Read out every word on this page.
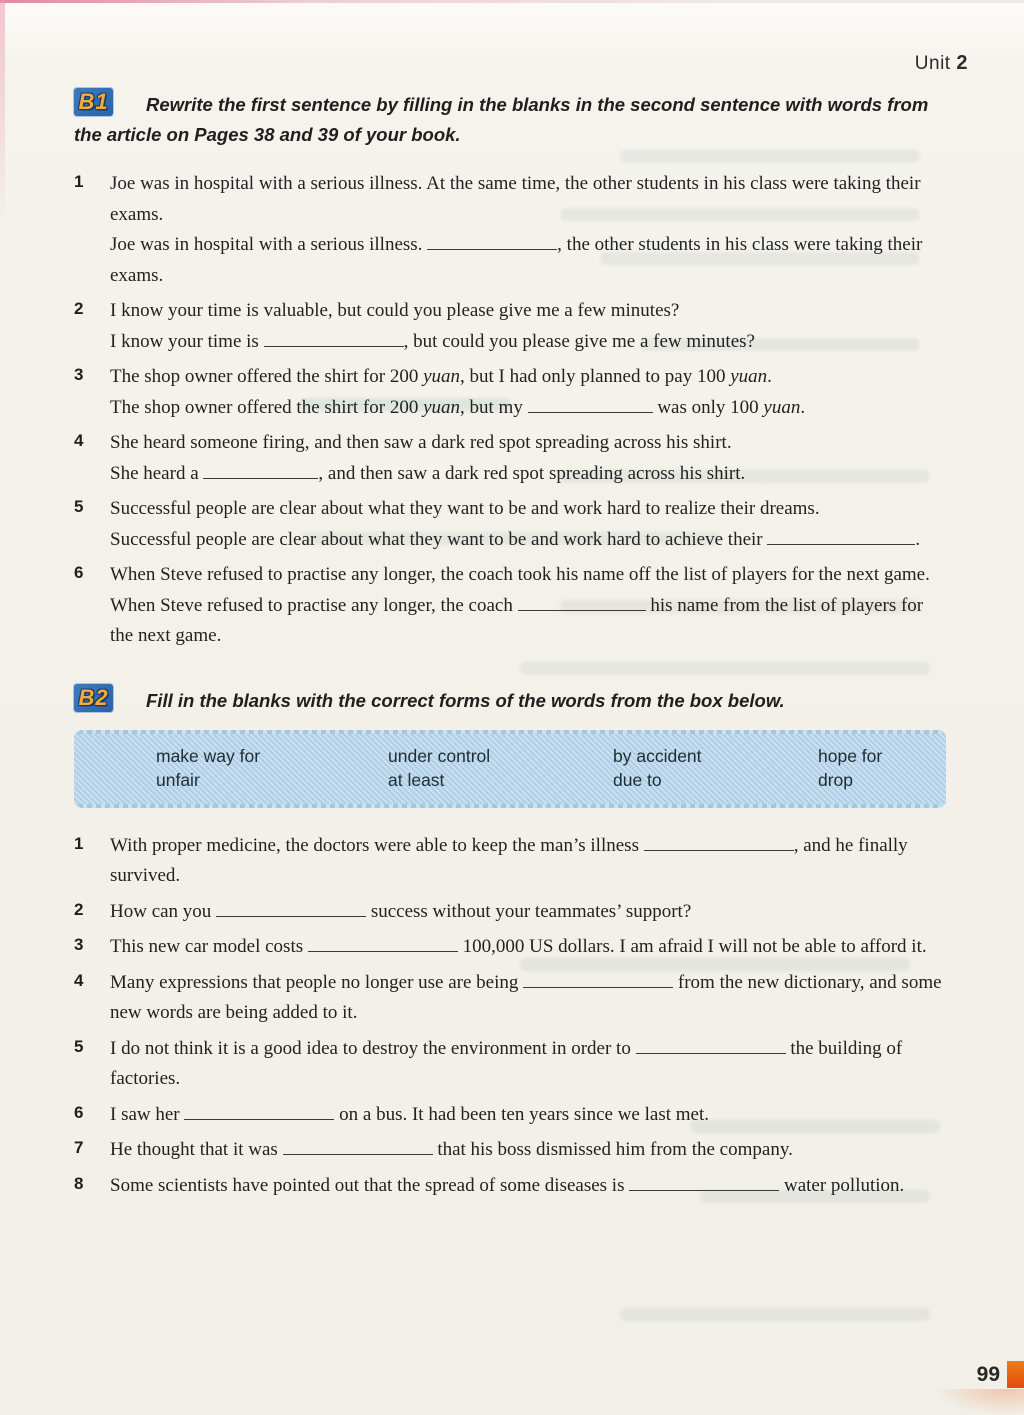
Unit 2

B1 Rewrite the first sentence by filling in the blanks in the second sentence with words from the article on Pages 38 and 39 of your book.

1	Joe was in hospital with a serious illness. At the same time, the other students in his class were taking their exams.

Joe was in hospital with a serious illness.	, the other students in his class were taking their exams.

2	I know your time is valuable, but could you please give me a few minutes?

I know your time is	, but could you please give me a few minutes?

3	The shop owner offered the shirt for 200 yuan, but I had only planned to pay 100 yuan.

The shop owner offered the shirt for 200 yuan, but my	was only 100 yuan.

4	She heard someone firing, and then saw a dark red spot spreading across his shirt.

She heard a	, and then saw a dark red spot spreading across his shirt.

5	Successful people are clear about what they want to be and work hard to realize their dreams.

Successful people are clear about what they want to be and work hard to achieve their	.

6	When Steve refused to practise any longer, the coach took his name off the list of players for the next game.

When Steve refused to practise any longer, the coach	his name from the list of players for the next game.

B2 Fill in the blanks with the correct forms of the words from the box below.

make way for	under control	by accident	hope for
unfair	at least	due to	drop
1	With proper medicine, the doctors were able to keep the man’s illness	, and he finally survived.

2	How can you	success without your teammates’ support?

3	This new car model costs	100,000 US dollars. I am afraid I will not be able to afford it.

4	Many expressions that people no longer use are being	from the new dictionary, and some new words are being added to it.

5	I do not think it is a good idea to destroy the environment in order to	the building of factories.

6	I saw her	on a bus. It had been ten years since we last met.

7	He thought that it was	that his boss dismissed him from the company.

8	Some scientists have pointed out that the spread of some diseases is	water pollution.

99
